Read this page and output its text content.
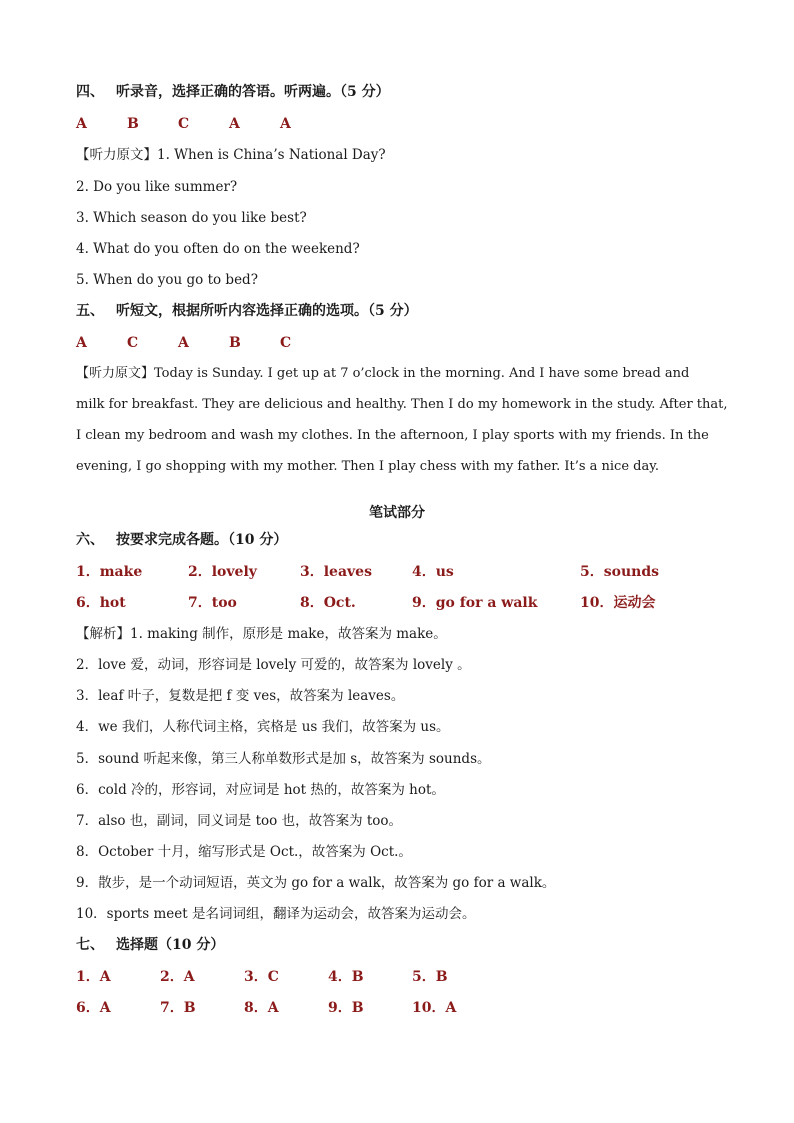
四、 听录音，选择正确的答语。听两遍。（5 分）
A	B	C	A	A
【听力原文】1. When is China’s National Day?
2. Do you like summer?
3. Which season do you like best?
4. What do you often do on the weekend?
5. When do you go to bed?
五、 听短文，根据所听内容选择正确的选项。（5 分）
A	C	A	B	C
【听力原文】Today is Sunday. I get up at 7 o’clock in the morning. And I have some bread and
milk for breakfast. They are delicious and healthy. Then I do my homework in the study. After that,
I clean my bedroom and wash my clothes. In the afternoon, I play sports with my friends. In the
evening, I go shopping with my mother. Then I play chess with my father. It’s a nice day.
笔试部分
六、 按要求完成各题。（10 分）
1．make	2．lovely	3．leaves	4．us	5．sounds
6．hot	7．too	8．Oct.	9．go for a walk	10．运动会
【解析】1. making 制作，原形是 make，故答案为 make。
2．love 爱，动词，形容词是 lovely 可爱的，故答案为 lovely 。
3．leaf 叶子，复数是把 f 变 ves，故答案为 leaves。
4．we 我们，人称代词主格，宾格是 us 我们，故答案为 us。
5．sound 听起来像，第三人称单数形式是加 s，故答案为 sounds。
6．cold 冷的，形容词，对应词是 hot 热的，故答案为 hot。
7．also 也，副词，同义词是 too 也，故答案为 too。
8．October 十月，缩写形式是 Oct.，故答案为 Oct.。
9．散步，是一个动词短语，英文为 go for a walk，故答案为 go for a walk。
10．sports meet 是名词词组，翻译为运动会，故答案为运动会。
七、 选择题（10 分）
1．A	2．A	3．C	4．B	5．B
6．A	7．B	8．A	9．B	10．A
